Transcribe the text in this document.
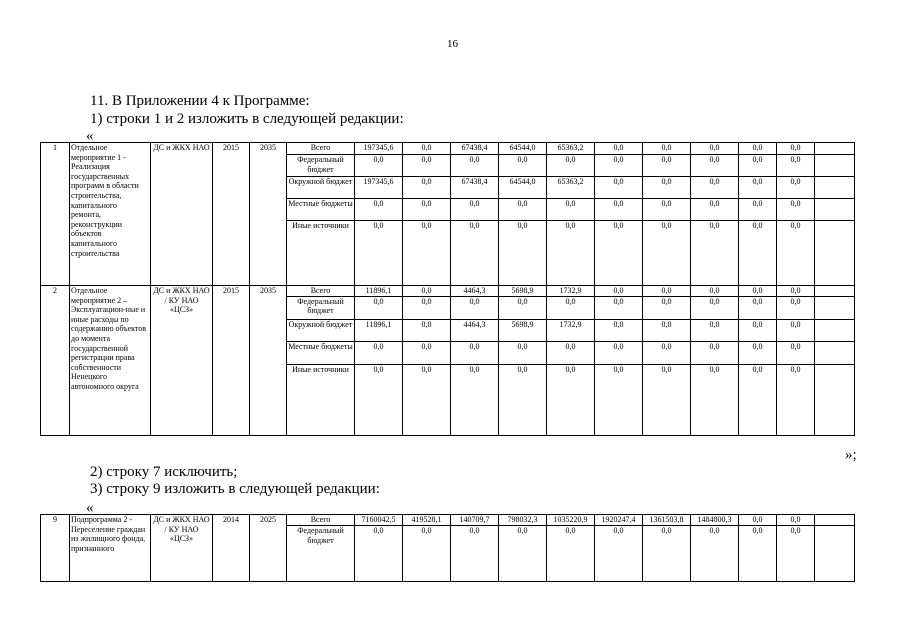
16
11. В Приложении 4 к Программе:
1) строки 1 и 2 изложить в следующей редакции:
«
1	Отдельное мероприятие 1 - Реализация государственных программ в области строительства, капитального ремонта, реконструкции объектов капитального строительства	ДС и ЖКХ НАО	2015	2035	Всего	197345,6	0,0	67438,4	64544,0	65363,2	0,0	0,0	0,0	0,0	0,0	
					Федеральный бюджет	0,0	0,0	0,0	0,0	0,0	0,0	0,0	0,0	0,0	0,0	
					Окружной бюджет	197345,6	0,0	67438,4	64544,0	65363,2	0,0	0,0	0,0	0,0	0,0	
					Местные бюджеты	0,0	0,0	0,0	0,0	0,0	0,0	0,0	0,0	0,0	0,0	
					Иные источники	0,0	0,0	0,0	0,0	0,0	0,0	0,0	0,0	0,0	0,0	
2	Отдельное мероприятие 2 – Эксплуатацион-ные и иные расходы по содержанию объектов до момента государственной регистрации права собственности Ненецкого автономного округа	ДС и ЖКХ НАО / КУ НАО «ЦСЗ»	2015	2035	Всего	11896,1	0,0	4464,3	5698,9	1732,9	0,0	0,0	0,0	0,0	0,0	
					Федеральный бюджет	0,0	0,0	0,0	0,0	0,0	0,0	0,0	0,0	0,0	0,0	
					Окружной бюджет	11896,1	0,0	4464,3	5698,9	1732,9	0,0	0,0	0,0	0,0	0,0	
					Местные бюджеты	0,0	0,0	0,0	0,0	0,0	0,0	0,0	0,0	0,0	0,0	
					Иные источники	0,0	0,0	0,0	0,0	0,0	0,0	0,0	0,0	0,0	0,0	
»;
2) строку 7 исключить;
3) строку 9 изложить в следующей редакции:
«
9	Подпрограмма 2 - Переселение граждан из жилищного фонда, признанного	ДС и ЖКХ НАО / КУ НАО «ЦСЗ»	2014	2025	Всего	7160042,5	419528,1	140709,7	798032,3	1035220,9	1920247,4	1361503,8	1484800,3	0,0	0,0	
					Федеральный бюджет	0,0	0,0	0,0	0,0	0,0	0,0	0,0	0,0	0,0	0,0	
